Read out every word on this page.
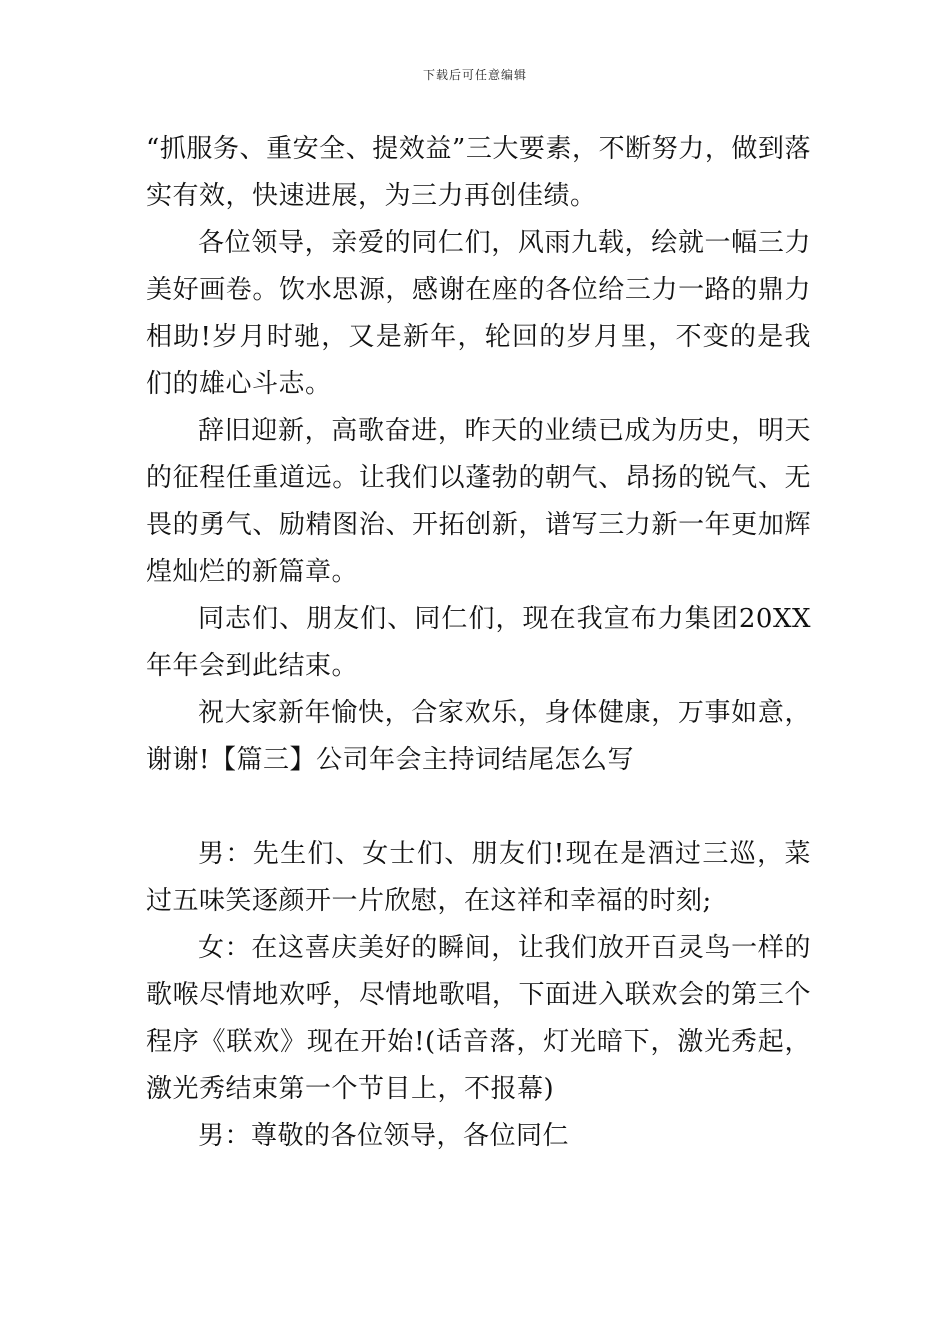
下载后可任意编辑

“抓服务、重安全、提效益”三大要素，不断努力，做到落实有效，快速进展，为三力再创佳绩。

各位领导，亲爱的同仁们，风雨九载，绘就一幅三力美好画卷。饮水思源，感谢在座的各位给三力一路的鼎力相助!岁月时驰，又是新年，轮回的岁月里，不变的是我们的雄心斗志。

辞旧迎新，高歌奋进，昨天的业绩已成为历史，明天的征程任重道远。让我们以蓬勃的朝气、昂扬的锐气、无畏的勇气、励精图治、开拓创新，谱写三力新一年更加辉煌灿烂的新篇章。

同志们、朋友们、同仁们，现在我宣布力集团20XX年年会到此结束。

祝大家新年愉快，合家欢乐，身体健康，万事如意，谢谢!【篇三】公司年会主持词结尾怎么写

男：先生们、女士们、朋友们!现在是酒过三巡，菜过五味笑逐颜开一片欣慰，在这祥和幸福的时刻;

女：在这喜庆美好的瞬间，让我们放开百灵鸟一样的歌喉尽情地欢呼，尽情地歌唱，下面进入联欢会的第三个程序《联欢》现在开始!(话音落，灯光暗下，激光秀起，激光秀结束第一个节目上，不报幕)

男：尊敬的各位领导，各位同仁
